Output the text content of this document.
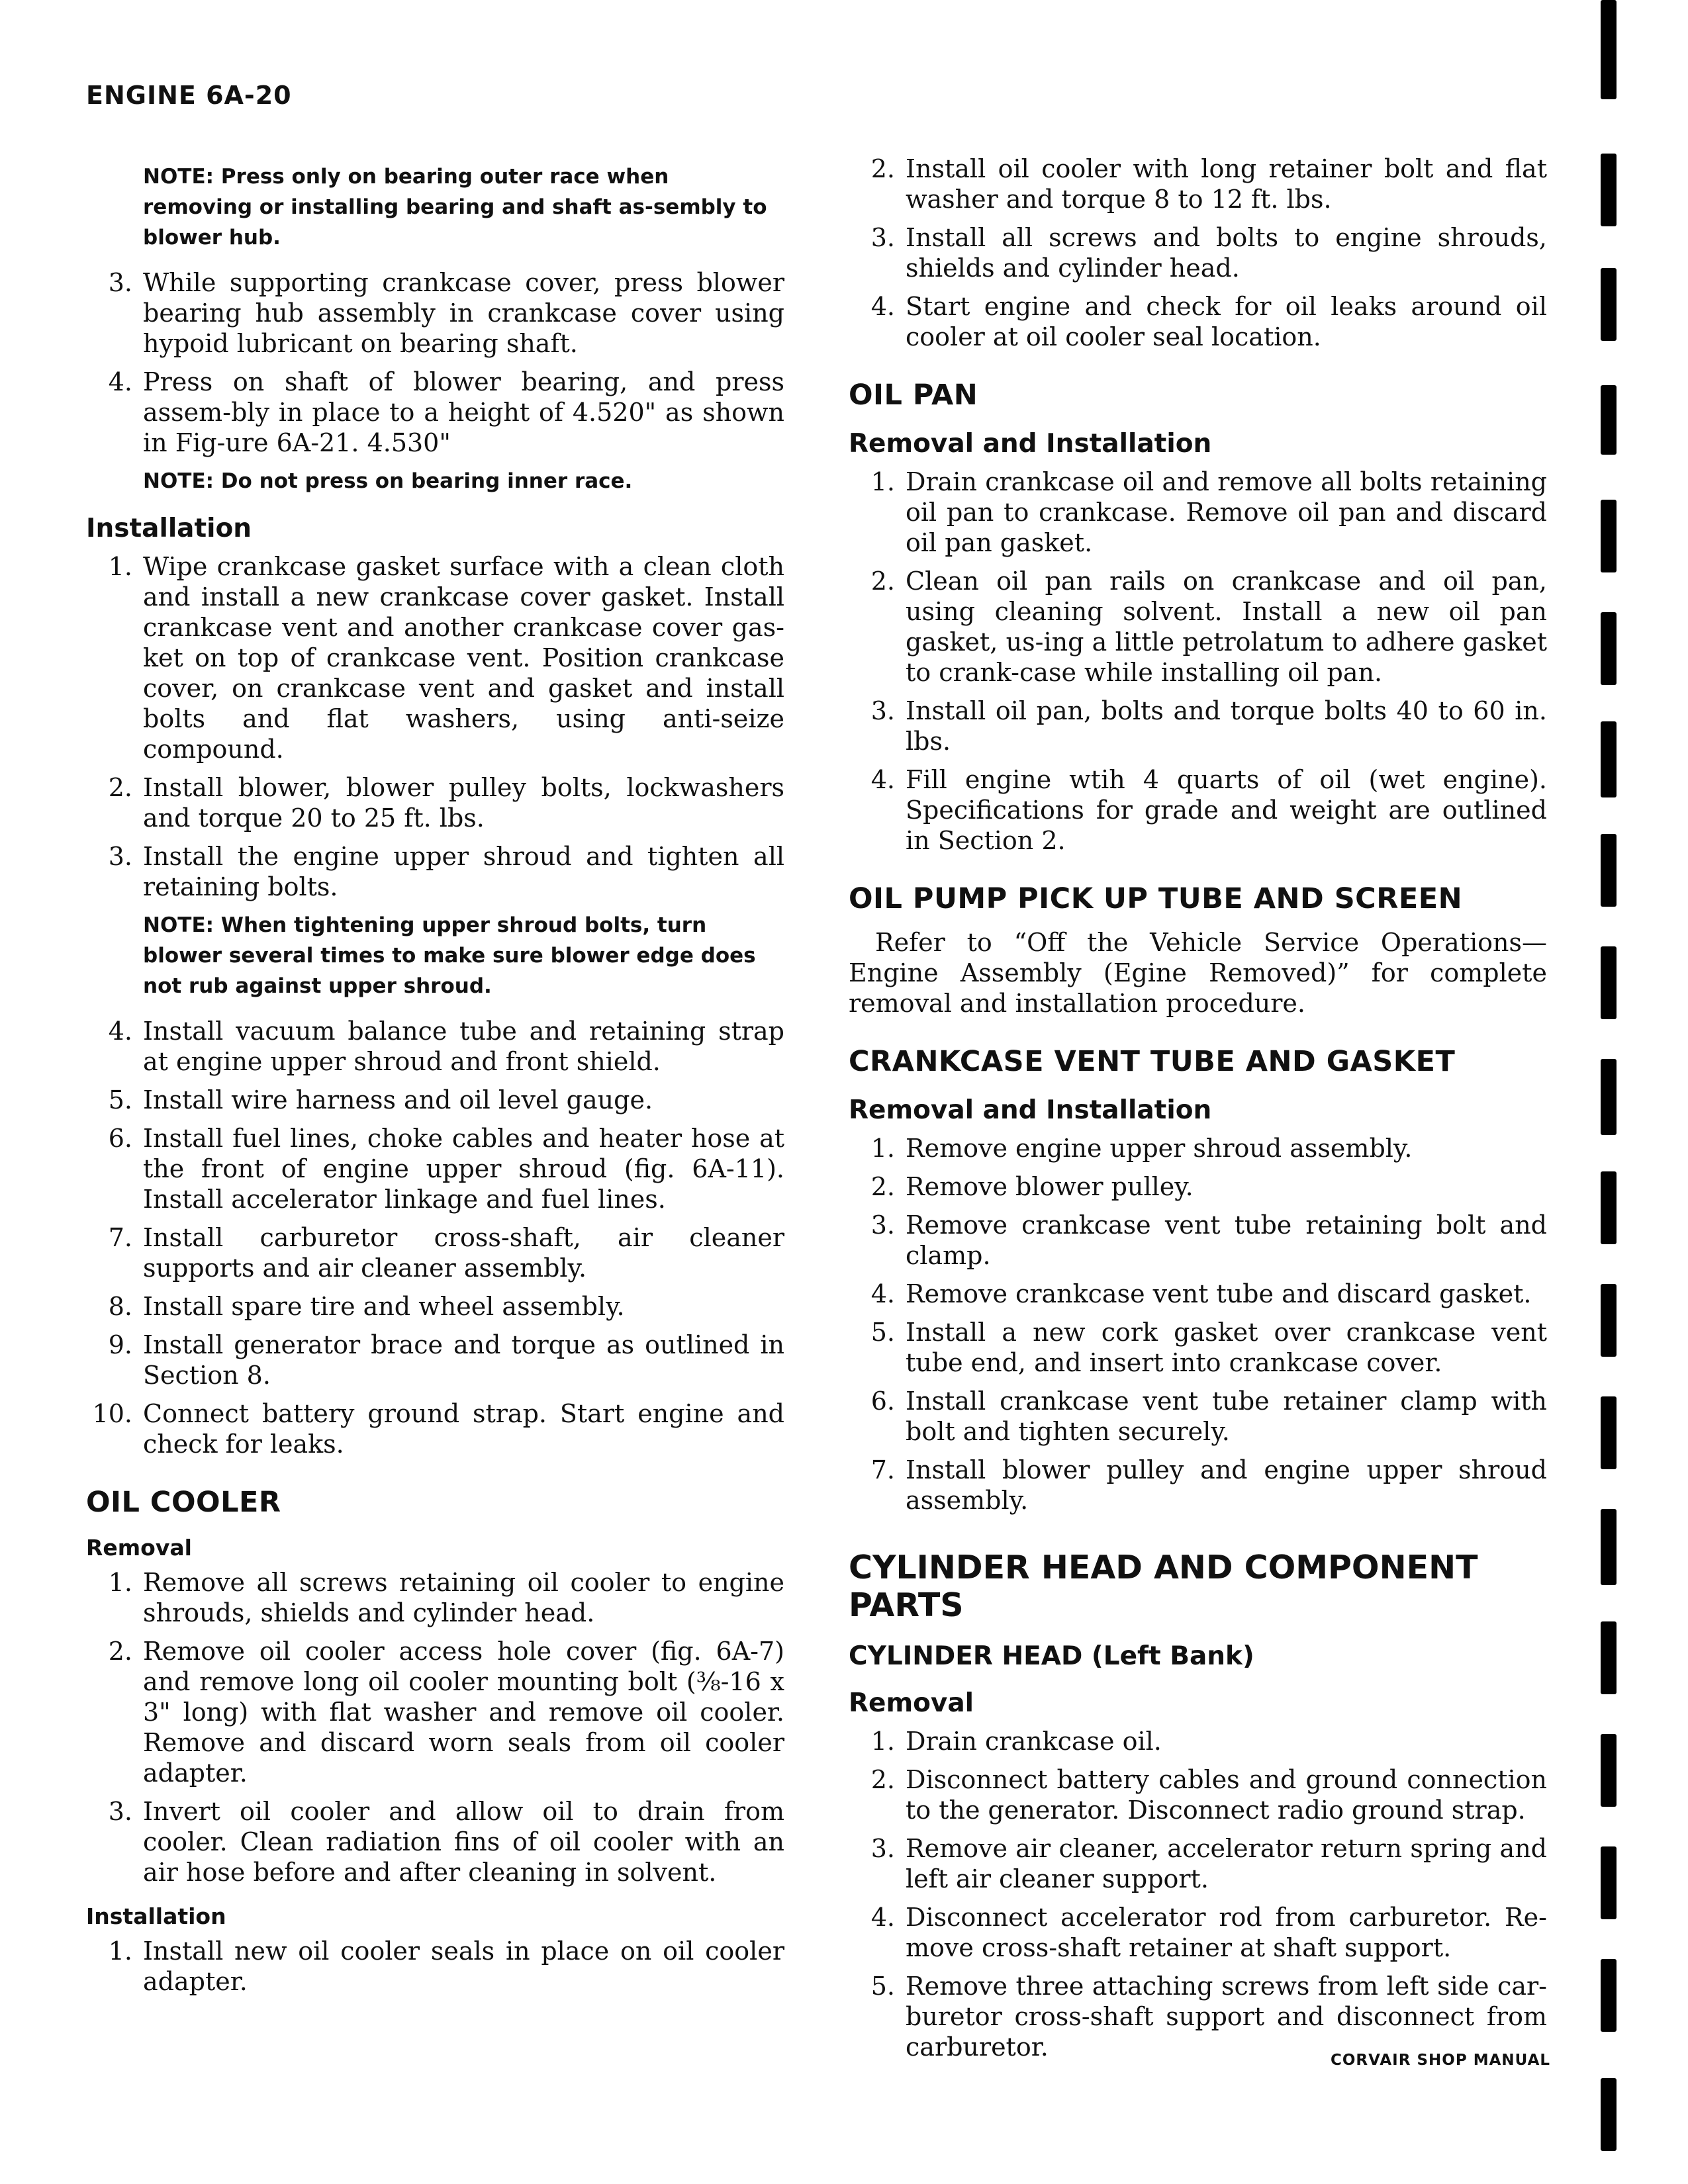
ENGINE 6A-20
NOTE: Press only on bearing outer race when removing or installing bearing and shaft as-sembly to blower hub.
3. While supporting crankcase cover, press blower bearing hub assembly in crankcase cover using hypoid lubricant on bearing shaft.
4. Press on shaft of blower bearing, and press assem-bly in place to a height of 4.520" as shown in Fig-ure 6A-21. 4.530"
NOTE: Do not press on bearing inner race.
Installation
1. Wipe crankcase gasket surface with a clean cloth and install a new crankcase cover gasket. Install crankcase vent and another crankcase cover gas-ket on top of crankcase vent. Position crankcase cover, on crankcase vent and gasket and install bolts and flat washers, using anti-seize compound.
2. Install blower, blower pulley bolts, lockwashers and torque 20 to 25 ft. lbs.
3. Install the engine upper shroud and tighten all retaining bolts.
NOTE: When tightening upper shroud bolts, turn blower several times to make sure blower edge does not rub against upper shroud.
4. Install vacuum balance tube and retaining strap at engine upper shroud and front shield.
5. Install wire harness and oil level gauge.
6. Install fuel lines, choke cables and heater hose at the front of engine upper shroud (fig. 6A-11). Install accelerator linkage and fuel lines.
7. Install carburetor cross-shaft, air cleaner supports and air cleaner assembly.
8. Install spare tire and wheel assembly.
9. Install generator brace and torque as outlined in Section 8.
10. Connect battery ground strap. Start engine and check for leaks.
OIL COOLER
Removal
1. Remove all screws retaining oil cooler to engine shrouds, shields and cylinder head.
2. Remove oil cooler access hole cover (fig. 6A-7) and remove long oil cooler mounting bolt (⅜-16 x 3" long) with flat washer and remove oil cooler. Remove and discard worn seals from oil cooler adapter.
3. Invert oil cooler and allow oil to drain from cooler. Clean radiation fins of oil cooler with an air hose before and after cleaning in solvent.
Installation
1. Install new oil cooler seals in place on oil cooler adapter.
2. Install oil cooler with long retainer bolt and flat washer and torque 8 to 12 ft. lbs.
3. Install all screws and bolts to engine shrouds, shields and cylinder head.
4. Start engine and check for oil leaks around oil cooler at oil cooler seal location.
OIL PAN
Removal and Installation
1. Drain crankcase oil and remove all bolts retaining oil pan to crankcase. Remove oil pan and discard oil pan gasket.
2. Clean oil pan rails on crankcase and oil pan, using cleaning solvent. Install a new oil pan gasket, us-ing a little petrolatum to adhere gasket to crank-case while installing oil pan.
3. Install oil pan, bolts and torque bolts 40 to 60 in. lbs.
4. Fill engine wtih 4 quarts of oil (wet engine). Specifications for grade and weight are outlined in Section 2.
OIL PUMP PICK UP TUBE AND SCREEN

Refer to “Off the Vehicle Service Operations—Engine Assembly (Egine Removed)” for complete removal and installation procedure.

CRANKCASE VENT TUBE AND GASKET
Removal and Installation
1. Remove engine upper shroud assembly.
2. Remove blower pulley.
3. Remove crankcase vent tube retaining bolt and clamp.
4. Remove crankcase vent tube and discard gasket.
5. Install a new cork gasket over crankcase vent tube end, and insert into crankcase cover.
6. Install crankcase vent tube retainer clamp with bolt and tighten securely.
7. Install blower pulley and engine upper shroud assembly.
CYLINDER HEAD AND COMPONENT PARTS
CYLINDER HEAD (Left Bank)
Removal
1. Drain crankcase oil.
2. Disconnect battery cables and ground connection to the generator. Disconnect radio ground strap.
3. Remove air cleaner, accelerator return spring and left air cleaner support.
4. Disconnect accelerator rod from carburetor. Re-move cross-shaft retainer at shaft support.
5. Remove three attaching screws from left side car-buretor cross-shaft support and disconnect from carburetor.	CORVAIR SHOP MANUAL
